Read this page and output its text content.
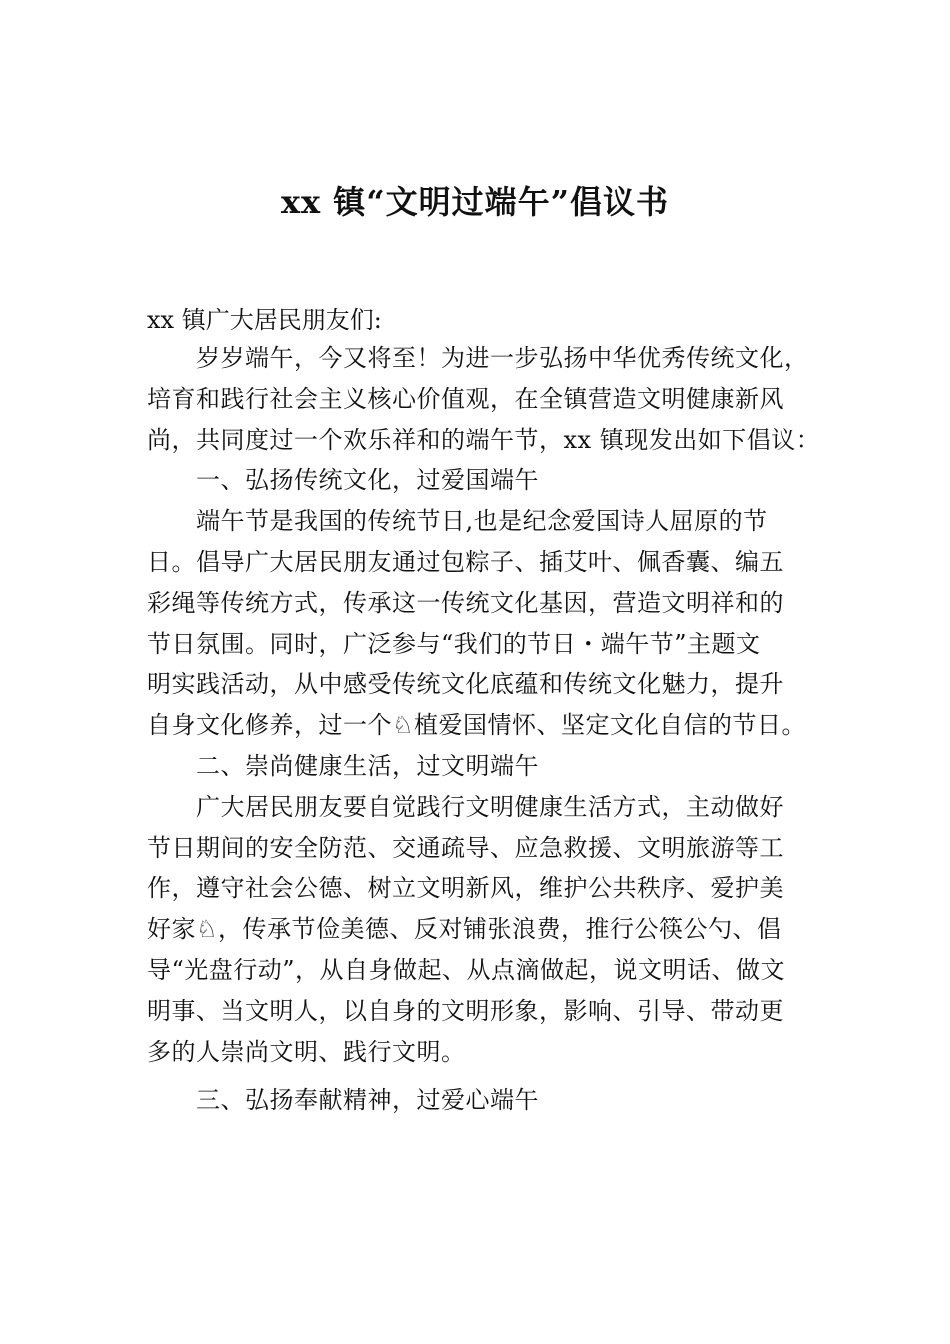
xx 镇“文明过端午”倡议书
xx 镇广大居民朋友们:
岁岁端午，今又将至！为进一步弘扬中华优秀传统文化，
培育和践行社会主义核心价值观，在全镇营造文明健康新风
尚，共同度过一个欢乐祥和的端午节，xx 镇现发出如下倡议：
一、弘扬传统文化，过爱国端午
端午节是我国的传统节日,也是纪念爱国诗人屈原的节
日。倡导广大居民朋友通过包粽子、插艾叶、佩香囊、编五
彩绳等传统方式，传承这一传统文化基因，营造文明祥和的
节日氛围。同时，广泛参与“我们的节日・端午节”主题文
明实践活动，从中感受传统文化底蕴和传统文化魅力，提升
自身文化修养，过一个♘植爱国情怀、坚定文化自信的节日。
二、崇尚健康生活，过文明端午
广大居民朋友要自觉践行文明健康生活方式，主动做好
节日期间的安全防范、交通疏导、应急救援、文明旅游等工
作，遵守社会公德、树立文明新风，维护公共秩序、爱护美
好家♘，传承节俭美德、反对铺张浪费，推行公筷公勺、倡
导“光盘行动”，从自身做起、从点滴做起，说文明话、做文
明事、当文明人，以自身的文明形象，影响、引导、带动更
多的人崇尚文明、践行文明。
三、弘扬奉献精神，过爱心端午
